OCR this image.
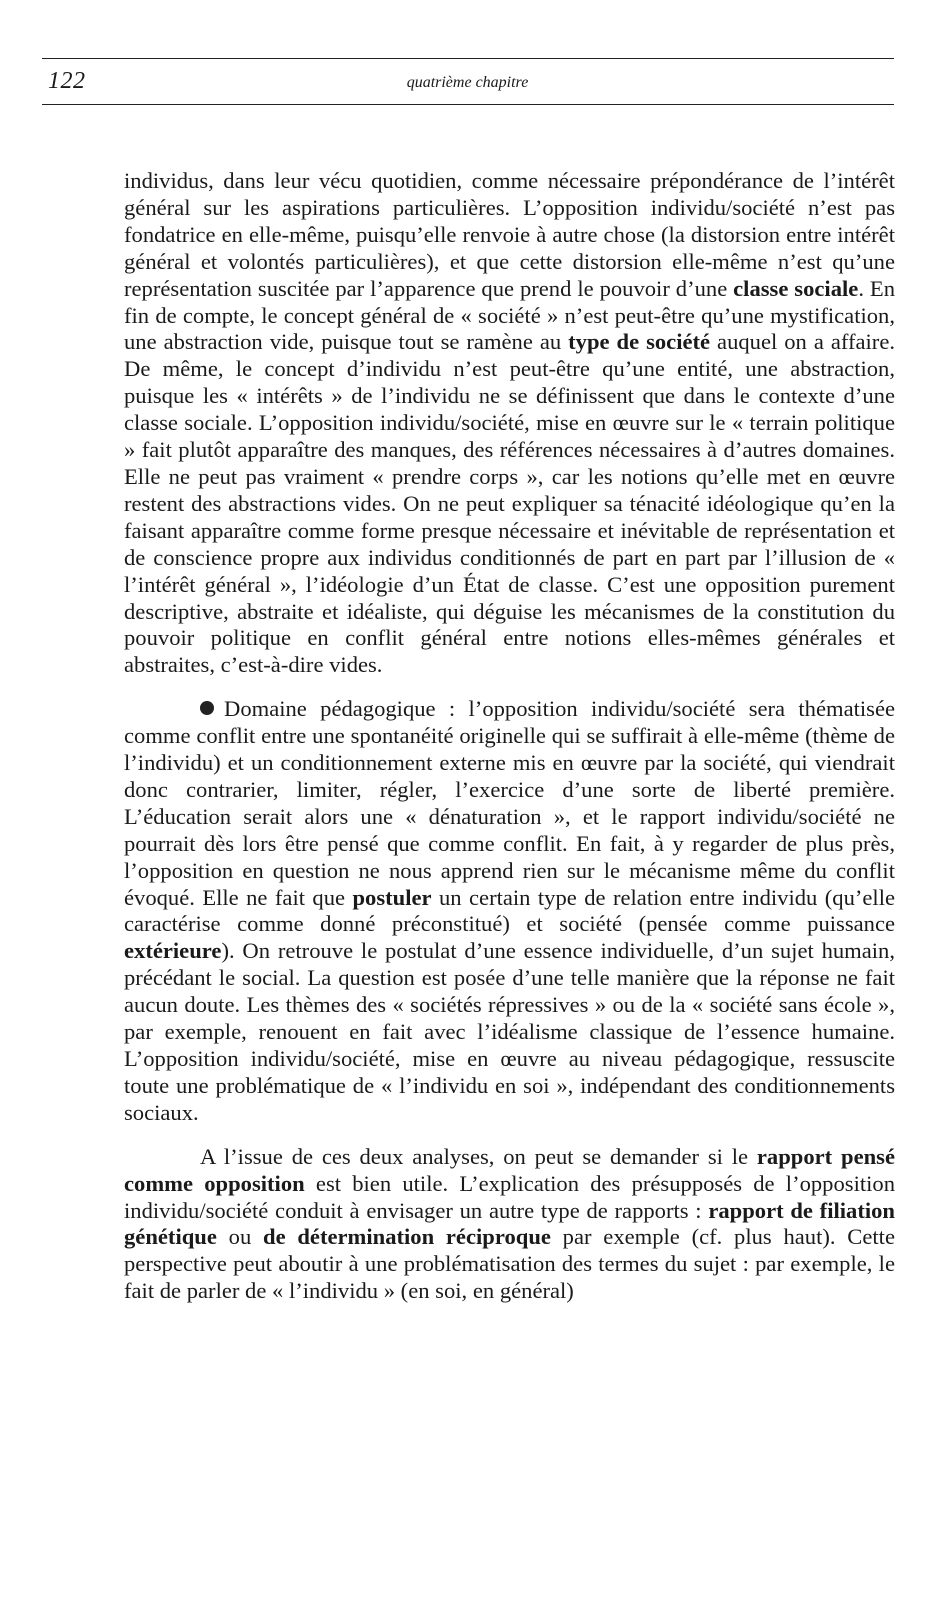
122	quatrième chapitre

individus, dans leur vécu quotidien, comme nécessaire prépondérance de l’intérêt général sur les aspirations particulières. L’opposition individu/société n’est pas fondatrice en elle-même, puisqu’elle renvoie à autre chose (la distorsion entre intérêt général et volontés particulières), et que cette distorsion elle-même n’est qu’une représentation suscitée par l’apparence que prend le pouvoir d’une classe sociale. En fin de compte, le concept général de « société » n’est peut-être qu’une mystification, une abstraction vide, puisque tout se ramène au type de société auquel on a affaire. De même, le concept d’individu n’est peut-être qu’une entité, une abstraction, puisque les « intérêts » de l’individu ne se définissent que dans le contexte d’une classe sociale. L’opposition individu/société, mise en œuvre sur le « terrain politique » fait plutôt apparaître des manques, des références nécessaires à d’autres domaines. Elle ne peut pas vraiment « prendre corps », car les notions qu’elle met en œuvre restent des abstractions vides. On ne peut expliquer sa ténacité idéologique qu’en la faisant apparaître comme forme presque nécessaire et inévitable de représentation et de conscience propre aux individus conditionnés de part en part par l’illusion de « l’intérêt général », l’idéologie d’un État de classe. C’est une opposition purement descriptive, abstraite et idéaliste, qui déguise les mécanismes de la constitution du pouvoir politique en conflit général entre notions elles-mêmes générales et abstraites, c’est-à-dire vides.

Domaine pédagogique : l’opposition individu/société sera thématisée comme conflit entre une spontanéité originelle qui se suffirait à elle-même (thème de l’individu) et un conditionnement externe mis en œuvre par la société, qui viendrait donc contrarier, limiter, régler, l’exercice d’une sorte de liberté première. L’éducation serait alors une « dénaturation », et le rapport individu/société ne pourrait dès lors être pensé que comme conflit. En fait, à y regarder de plus près, l’opposition en question ne nous apprend rien sur le mécanisme même du conflit évoqué. Elle ne fait que postuler un certain type de relation entre individu (qu’elle caractérise comme donné préconstitué) et société (pensée comme puissance extérieure). On retrouve le postulat d’une essence individuelle, d’un sujet humain, précédant le social. La question est posée d’une telle manière que la réponse ne fait aucun doute. Les thèmes des « sociétés répressives » ou de la « société sans école », par exemple, renouent en fait avec l’idéalisme classique de l’essence humaine. L’opposition individu/société, mise en œuvre au niveau pédagogique, ressuscite toute une problématique de « l’individu en soi », indépendant des conditionnements sociaux.

A l’issue de ces deux analyses, on peut se demander si le rapport pensé comme opposition est bien utile. L’explication des présupposés de l’opposition individu/société conduit à envisager un autre type de rapports : rapport de filiation génétique ou de détermination réciproque par exemple (cf. plus haut). Cette perspective peut aboutir à une problématisation des termes du sujet : par exemple, le fait de parler de « l’individu » (en soi, en général)
